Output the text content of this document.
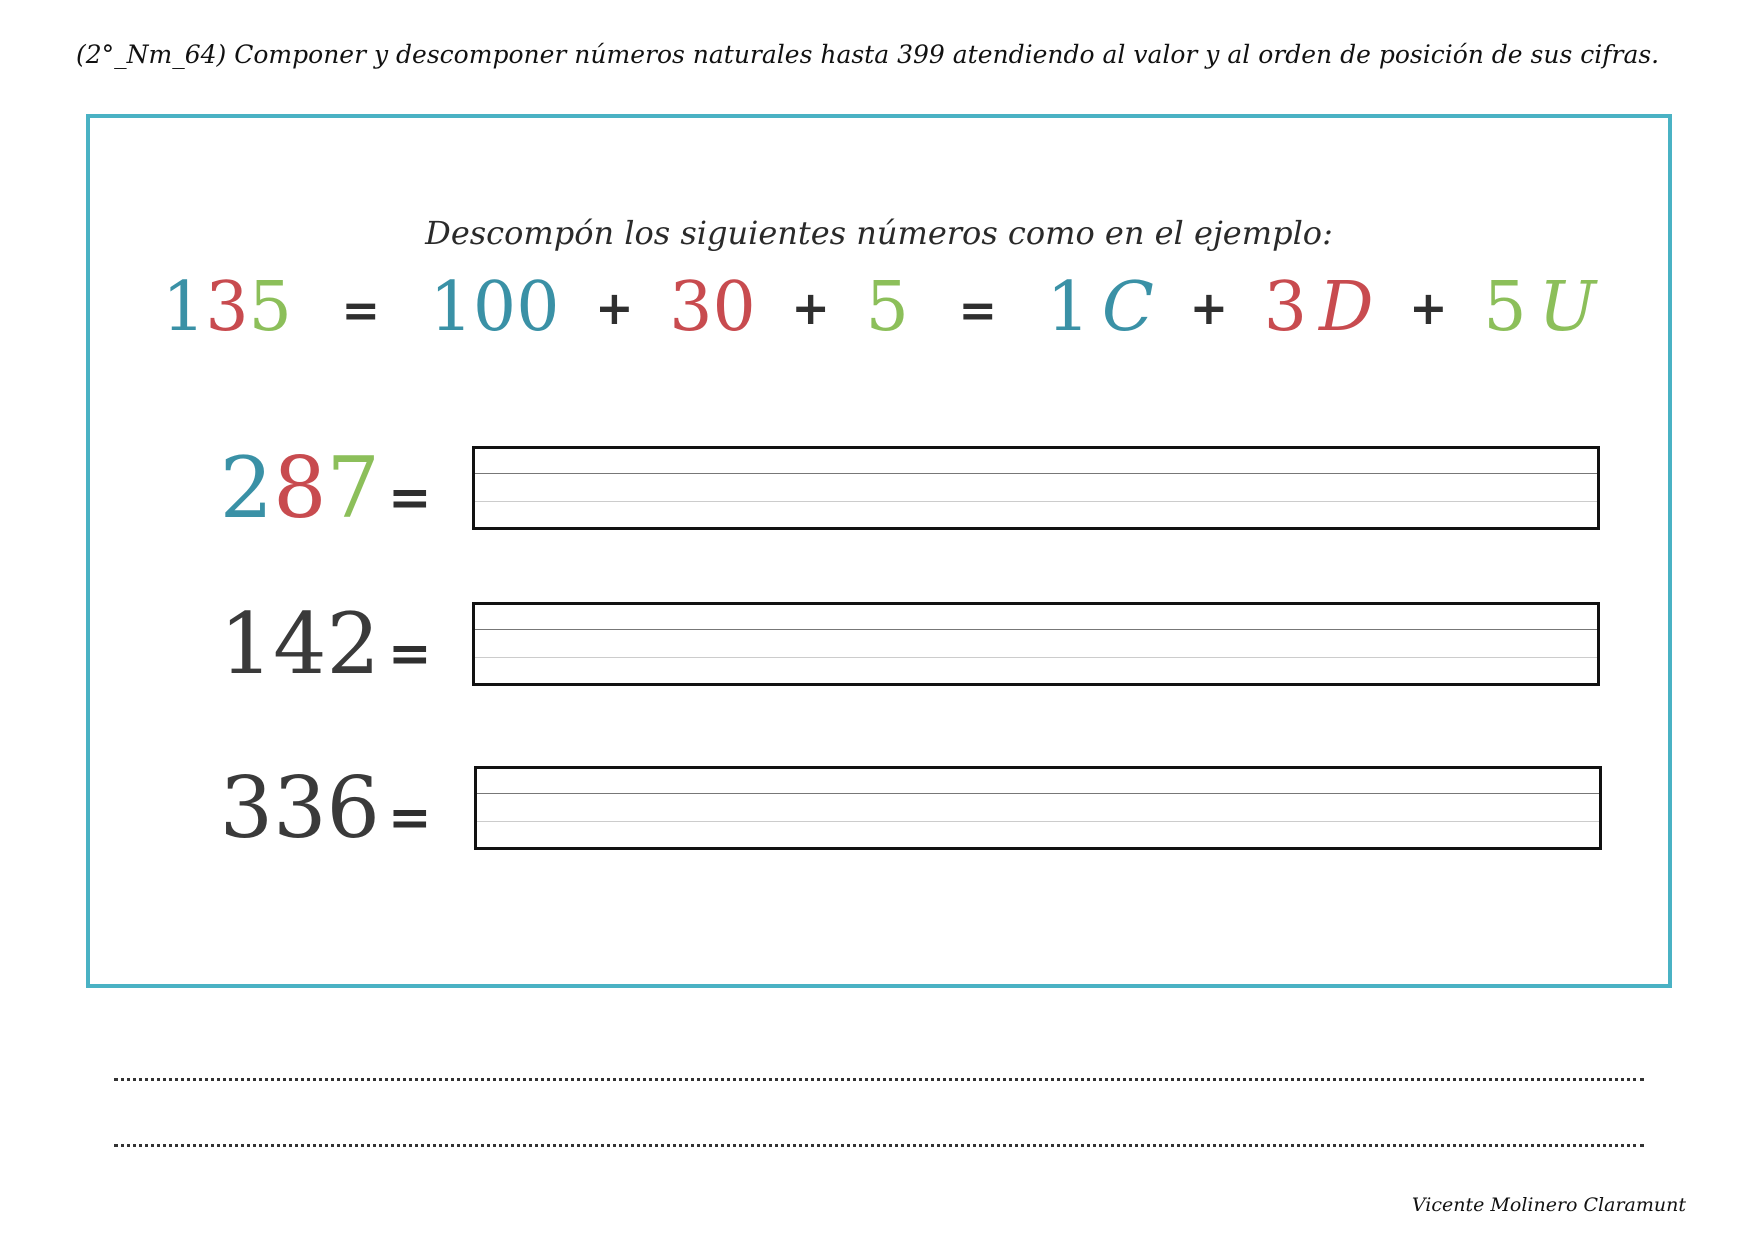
(2°_Nm_64) Componer y descomponer números naturales hasta 399 atendiendo al valor y al orden de posición de sus cifras.
Descompón los siguientes números como en el ejemplo:
135 = 100 + 30 + 5 = 1 C + 3 D + 5 U
287 =
142 =
336 =
Vicente Molinero Claramunt
